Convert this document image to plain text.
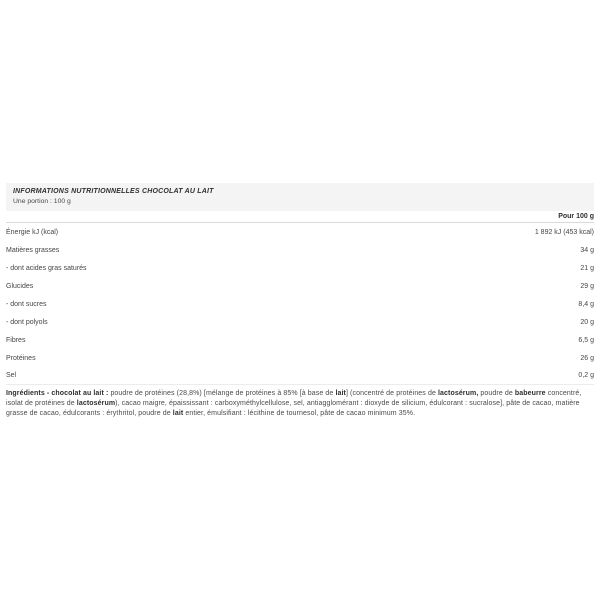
INFORMATIONS NUTRITIONNELLES CHOCOLAT AU LAIT
Une portion : 100 g
Pour 100 g
Énergie kJ (kcal)	1 892 kJ (453 kcal)
Matières grasses	34 g
- dont acides gras saturés	21 g
Glucides	29 g
- dont sucres	8,4 g
- dont polyols	20 g
Fibres	6,5 g
Protéines	26 g
Sel	0,2 g

Ingrédients - chocolat au lait : poudre de protéines (28,8%) [mélange de protéines à 85% [à base de lait] (concentré de protéines de lactosérum, poudre de babeurre concentré, isolat de protéines de lactosérum), cacao maigre, épaississant : carboxyméthylcellulose, sel, antiagglomérant : dioxyde de silicium, édulcorant : sucralose], pâte de cacao, matière grasse de cacao, édulcorants : érythritol, poudre de lait entier, émulsifiant : lécithine de tournesol, pâte de cacao minimum 35%.
